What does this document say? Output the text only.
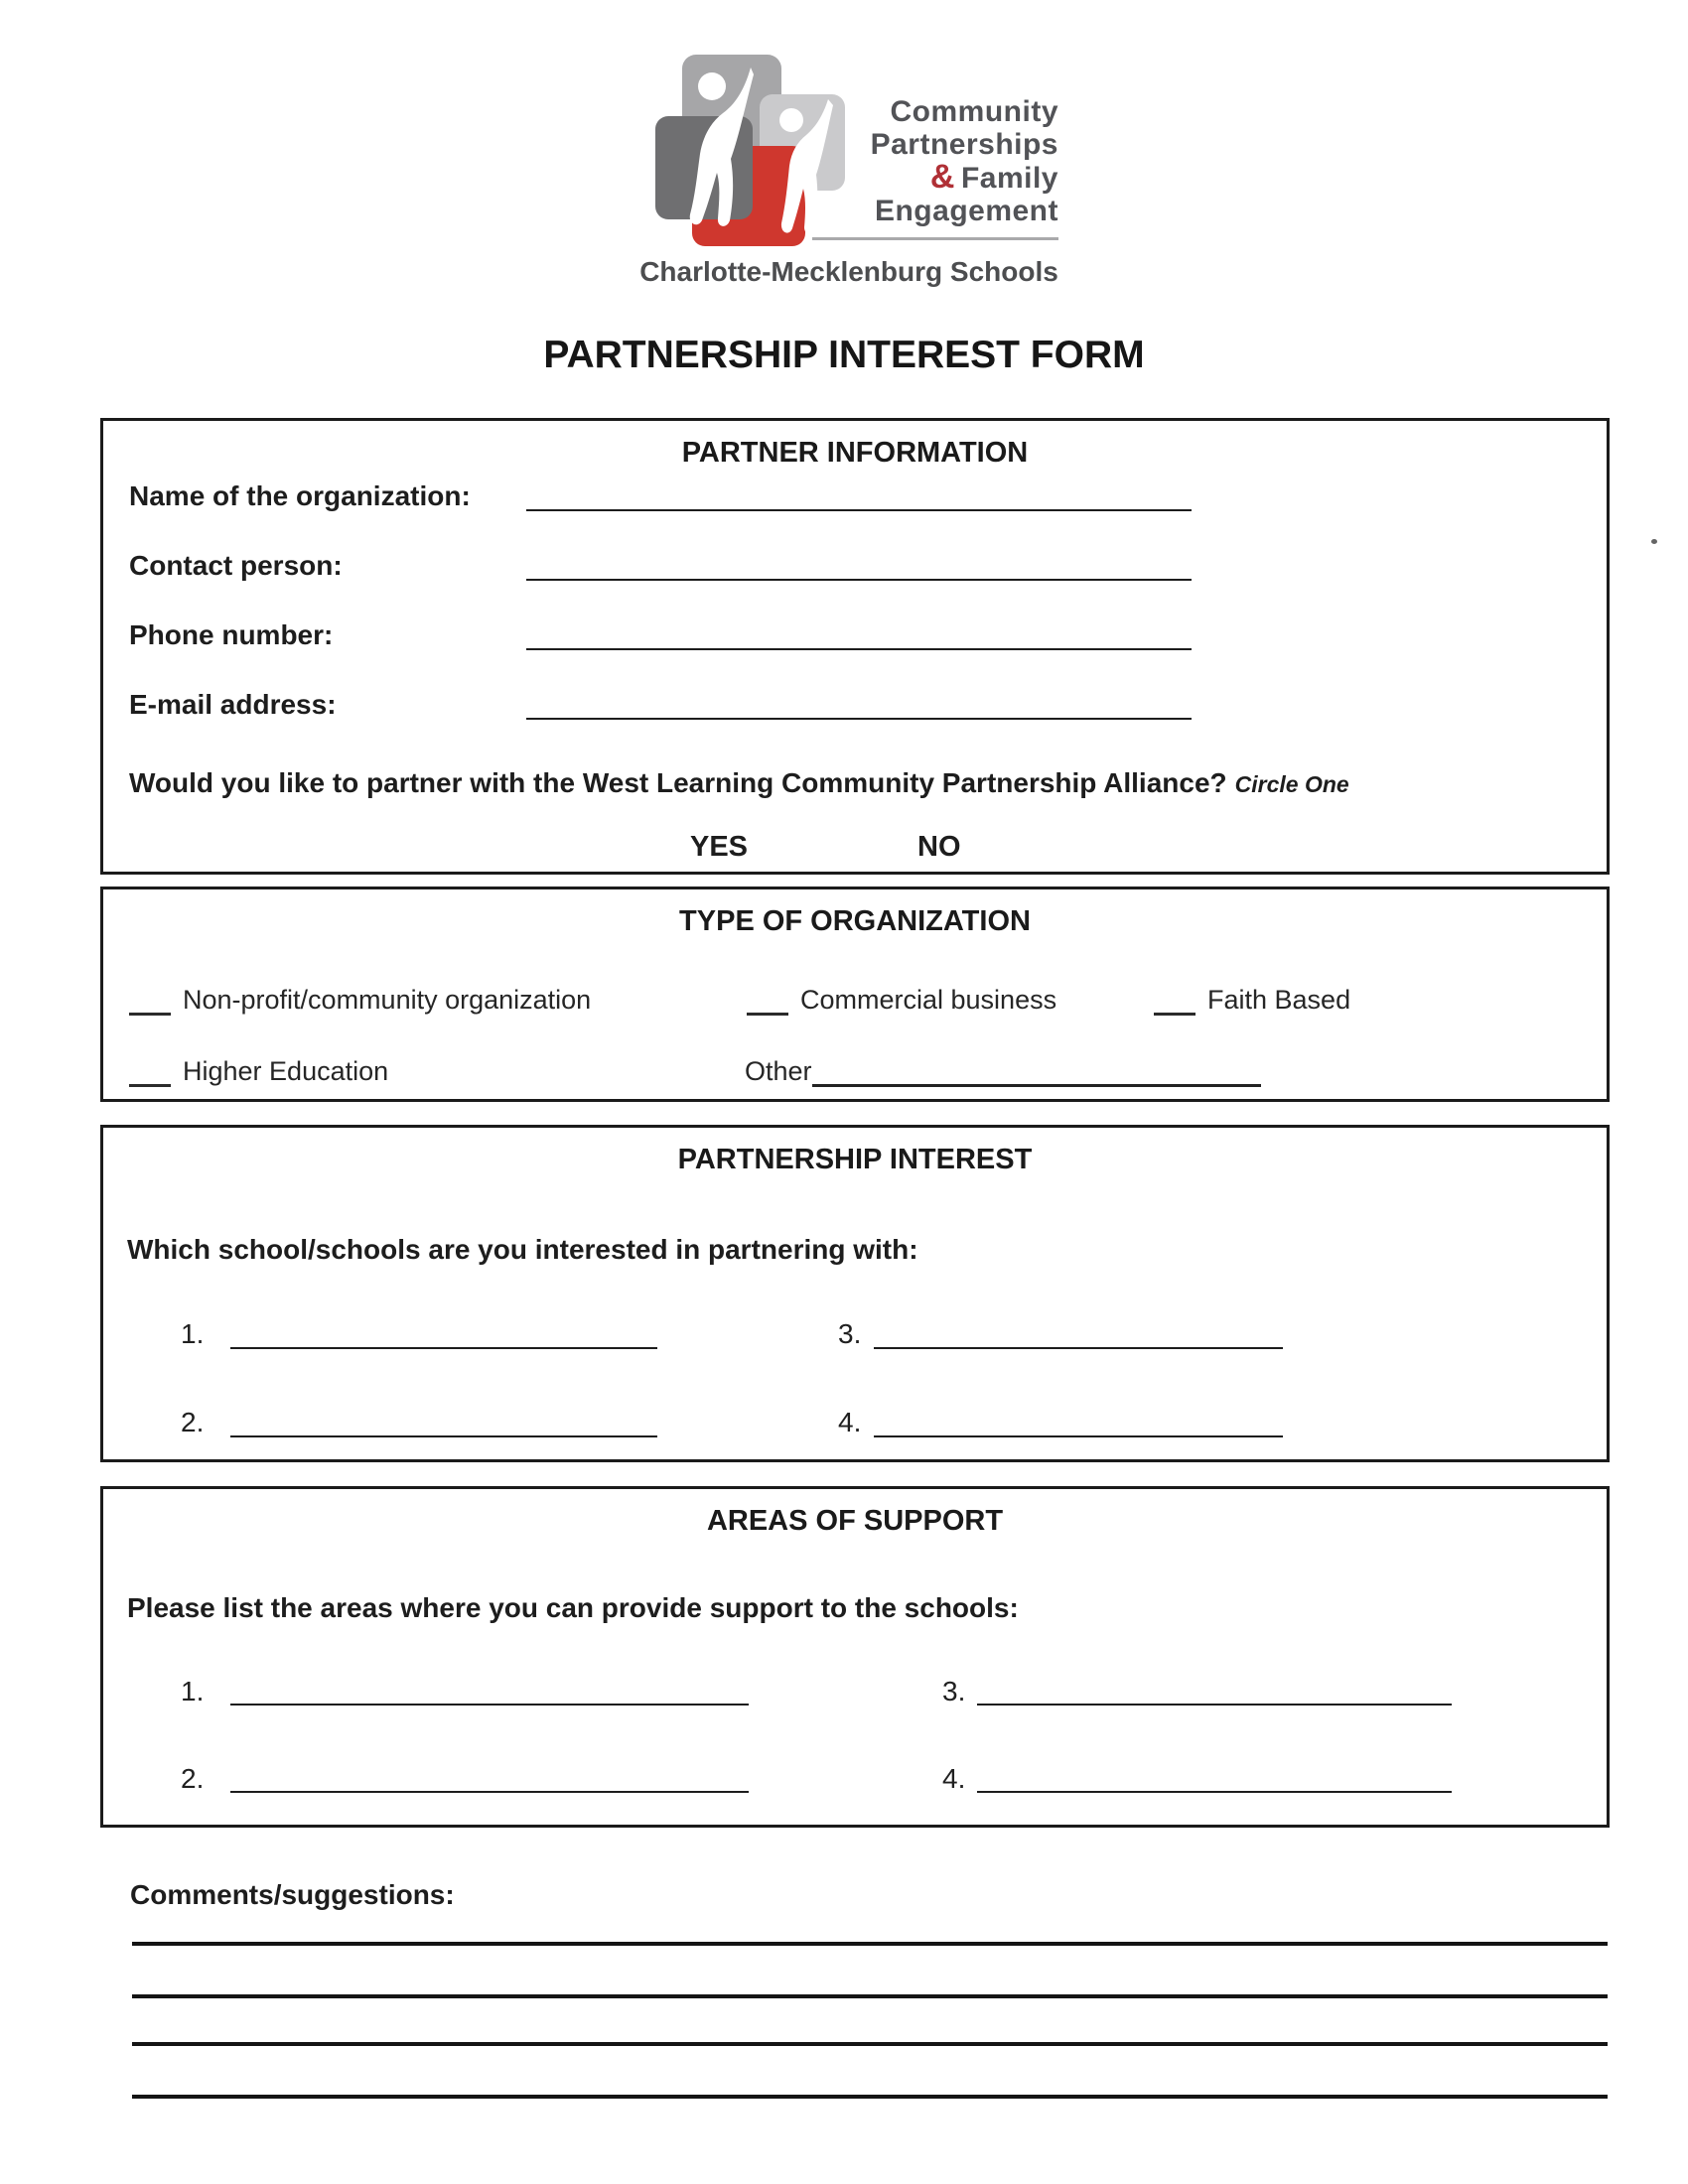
Community
Partnerships
& Family
Engagement
Charlotte-Mecklenburg Schools
PARTNERSHIP INTEREST FORM
PARTNER INFORMATION
Name of the organization:
Contact person:
Phone number:
E-mail address:
Would you like to partner with the West Learning Community Partnership Alliance? Circle One
YES	NO
TYPE OF ORGANIZATION
Non-profit/community organization	Commercial business	Faith Based
Higher Education	Other
PARTNERSHIP INTEREST
Which school/schools are you interested in partnering with:
1.	3.
2.	4.
AREAS OF SUPPORT
Please list the areas where you can provide support to the schools:
1.	3.
2.	4.
Comments/suggestions:
